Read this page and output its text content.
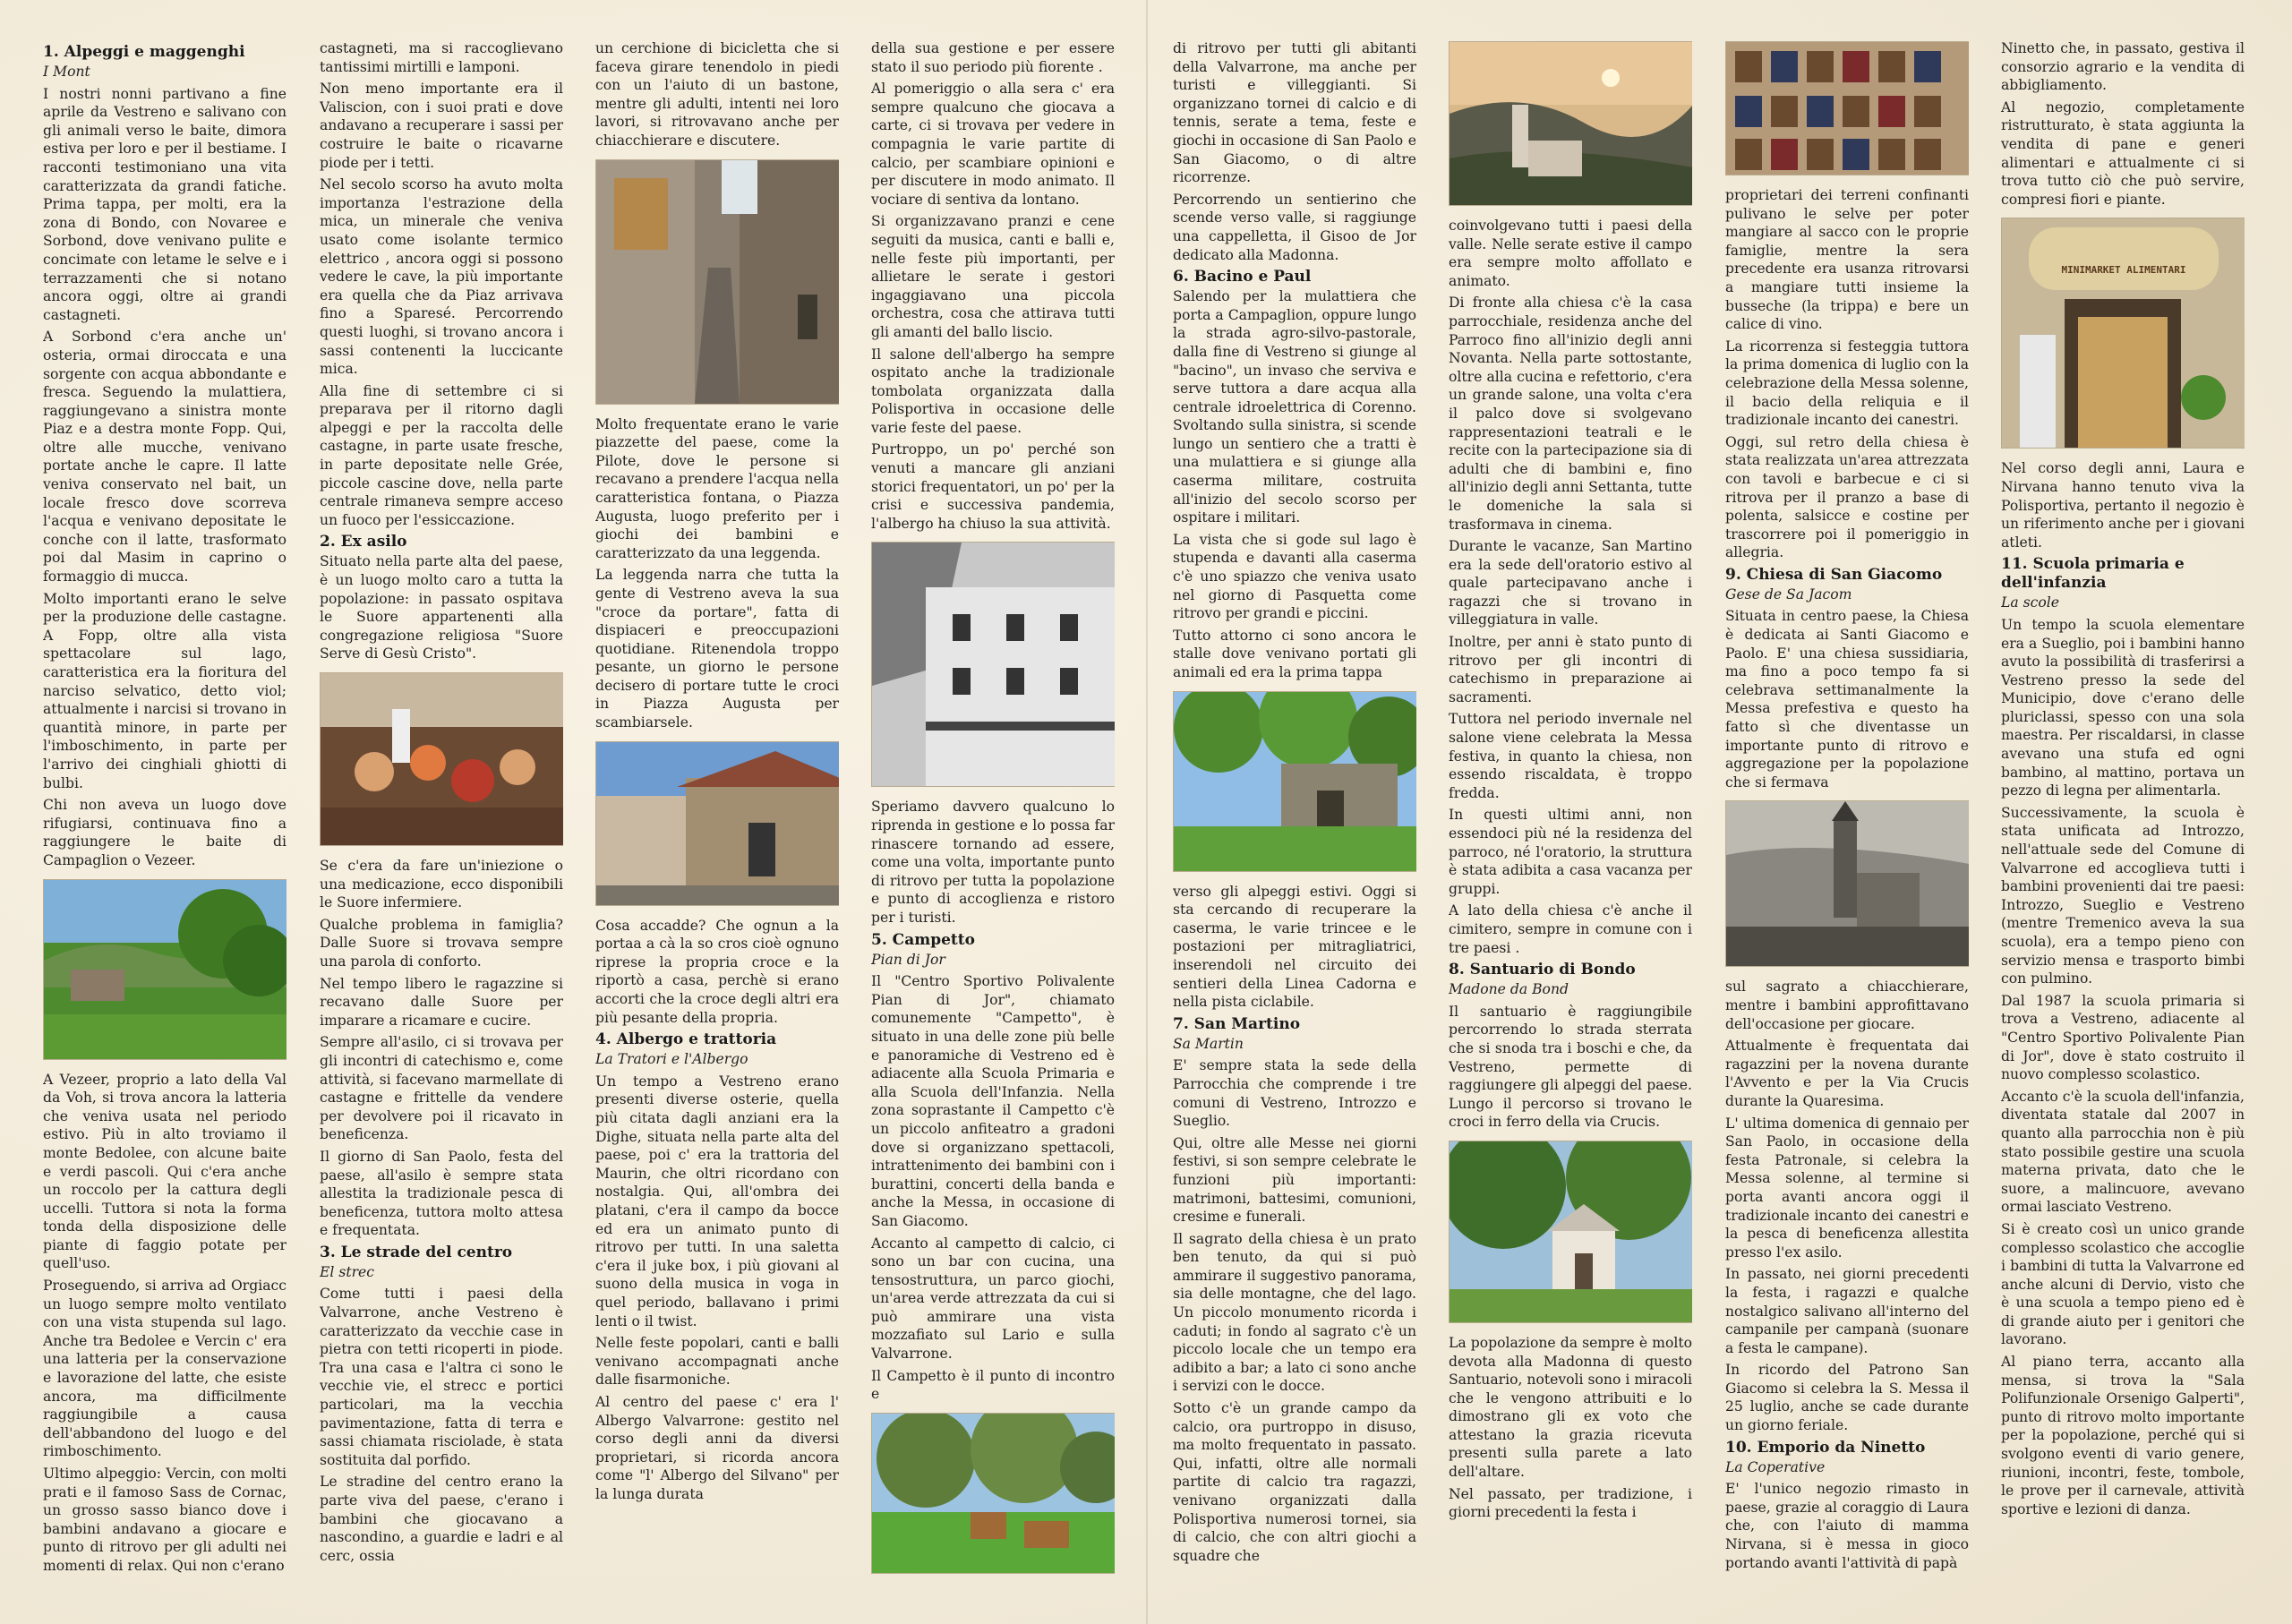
1. Alpeggi e maggenghi
I Mont

I nostri nonni partivano a fine aprile da Vestreno e salivano con gli animali verso le baite, dimora estiva per loro e per il bestiame. I racconti testimoniano una vita caratterizzata da grandi fatiche. Prima tappa, per molti, era la zona di Bondo, con Novaree e Sorbond, dove venivano pulite e concimate con letame le selve e i terrazzamenti che si notano ancora oggi, oltre ai grandi castagneti.

A Sorbond c'era anche un' osteria, ormai diroccata e una sorgente con acqua abbondante e fresca. Seguendo la mulattiera, raggiungevano a sinistra monte Piaz e a destra monte Fopp. Qui, oltre alle mucche, venivano portate anche le capre. Il latte veniva conservato nel bait, un locale fresco dove scorreva l'acqua e venivano depositate le conche con il latte, trasformato poi dal Masim in caprino o formaggio di mucca.

Molto importanti erano le selve per la produzione delle castagne. A Fopp, oltre alla vista spettacolare sul lago, caratteristica era la fioritura del narciso selvatico, detto viol; attualmente i narcisi si trovano in quantità minore, in parte per l'imboschimento, in parte per l'arrivo dei cinghiali ghiotti di bulbi.

Chi non aveva un luogo dove rifugiarsi, continuava fino a raggiungere le baite di Campaglion o Vezeer.

A Vezeer, proprio a lato della Val da Voh, si trova ancora la latteria che veniva usata nel periodo estivo. Più in alto troviamo il monte Bedolee, con alcune baite e verdi pascoli. Qui c'era anche un roccolo per la cattura degli uccelli. Tuttora si nota la forma tonda della disposizione delle piante di faggio potate per quell'uso.

Proseguendo, si arriva ad Orgiacc un luogo sempre molto ventilato con una vista stupenda sul lago. Anche tra Bedolee e Vercin c' era una latteria per la conservazione e lavorazione del latte, che esiste ancora, ma difficilmente raggiungibile a causa dell'abbandono del luogo e del rimboschimento.

Ultimo alpeggio: Vercin, con molti prati e il famoso Sass de Cornac, un grosso sasso bianco dove i bambini andavano a giocare e punto di ritrovo per gli adulti nei momenti di relax. Qui non c'erano

castagneti, ma si raccoglievano tantissimi mirtilli e lamponi.

Non meno importante era il Valiscion, con i suoi prati e dove andavano a recuperare i sassi per costruire le baite o ricavarne piode per i tetti.

Nel secolo scorso ha avuto molta importanza l'estrazione della mica, un minerale che veniva usato come isolante termico elettrico , ancora oggi si possono vedere le cave, la più importante era quella che da Piaz arrivava fino a Sparesé. Percorrendo questi luoghi, si trovano ancora i sassi contenenti la luccicante mica.

Alla fine di settembre ci si preparava per il ritorno dagli alpeggi e per la raccolta delle castagne, in parte usate fresche, in parte depositate nelle Grée, piccole cascine dove, nella parte centrale rimaneva sempre acceso un fuoco per l'essiccazione.

2. Ex asilo

Situato nella parte alta del paese, è un luogo molto caro a tutta la popolazione: in passato ospitava le Suore appartenenti alla congregazione religiosa "Suore Serve di Gesù Cristo".

Se c'era da fare un'iniezione o una medicazione, ecco disponibili le Suore infermiere.

Qualche problema in famiglia? Dalle Suore si trovava sempre una parola di conforto.

Nel tempo libero le ragazzine si recavano dalle Suore per imparare a ricamare e cucire.

Sempre all'asilo, ci si trovava per gli incontri di catechismo e, come attività, si facevano marmellate di castagne e frittelle da vendere per devolvere poi il ricavato in beneficenza.

Il giorno di San Paolo, festa del paese, all'asilo è sempre stata allestita la tradizionale pesca di beneficenza, tuttora molto attesa e frequentata.

3. Le strade del centro
El strec

Come tutti i paesi della Valvarrone, anche Vestreno è caratterizzato da vecchie case in pietra con tetti ricoperti in piode. Tra una casa e l'altra ci sono le vecchie vie, el strecc e portici particolari, ma la vecchia pavimentazione, fatta di terra e sassi chiamata risciolade, è stata sostituita dal porfido.

Le stradine del centro erano la parte viva del paese, c'erano i bambini che giocavano a nascondino, a guardie e ladri e al cerc, ossia

un cerchione di bicicletta che si faceva girare tenendolo in piedi con un l'aiuto di un bastone, mentre gli adulti, intenti nei loro lavori, si ritrovavano anche per chiacchierare e discutere.

Molto frequentate erano le varie piazzette del paese, come la Pilote, dove le persone si recavano a prendere l'acqua nella caratteristica fontana, o Piazza Augusta, luogo preferito per i giochi dei bambini e caratterizzato da una leggenda.

La leggenda narra che tutta la gente di Vestreno aveva la sua "croce da portare", fatta di dispiaceri e preoccupazioni quotidiane. Ritenendola troppo pesante, un giorno le persone decisero di portare tutte le croci in Piazza Augusta per scambiarsele.

Cosa accadde? Che ognun a la portaa a cà la so cros cioè ognuno riprese la propria croce e la riportò a casa, perchè si erano accorti che la croce degli altri era più pesante della propria.

4. Albergo e trattoria
La Tratori e l'Albergo

Un tempo a Vestreno erano presenti diverse osterie, quella più citata dagli anziani era la Dighe, situata nella parte alta del paese, poi c' era la trattoria del Maurin, che oltri ricordano con nostalgia. Qui, all'ombra dei platani, c'era il campo da bocce ed era un animato punto di ritrovo per tutti. In una saletta c'era il juke box, i più giovani al suono della musica in voga in quel periodo, ballavano i primi lenti o il twist.

Nelle feste popolari, canti e balli venivano accompagnati anche dalle fisarmoniche.

Al centro del paese c' era l' Albergo Valvarrone: gestito nel corso degli anni da diversi proprietari, si ricorda ancora come "l' Albergo del Silvano" per la lunga durata

della sua gestione e per essere stato il suo periodo più fiorente .

Al pomeriggio o alla sera c' era sempre qualcuno che giocava a carte, ci si trovava per vedere in compagnia le varie partite di calcio, per scambiare opinioni e per discutere in modo animato. Il vociare di sentiva da lontano.

Si organizzavano pranzi e cene seguiti da musica, canti e balli e, nelle feste più importanti, per allietare le serate i gestori ingaggiavano una piccola orchestra, cosa che attirava tutti gli amanti del ballo liscio.

Il salone dell'albergo ha sempre ospitato anche la tradizionale tombolata organizzata dalla Polisportiva in occasione delle varie feste del paese.

Purtroppo, un po' perché son venuti a mancare gli anziani storici frequentatori, un po' per la crisi e successiva pandemia, l'albergo ha chiuso la sua attività.

Speriamo davvero qualcuno lo riprenda in gestione e lo possa far rinascere tornando ad essere, come una volta, importante punto di ritrovo per tutta la popolazione e punto di accoglienza e ristoro per i turisti.

5. Campetto
Pian di Jor

Il "Centro Sportivo Polivalente Pian di Jor", chiamato comunemente "Campetto", è situato in una delle zone più belle e panoramiche di Vestreno ed è adiacente alla Scuola Primaria e alla Scuola dell'Infanzia. Nella zona soprastante il Campetto c'è un piccolo anfiteatro a gradoni dove si organizzano spettacoli, intrattenimento dei bambini con i burattini, concerti della banda e anche la Messa, in occasione di San Giacomo.

Accanto al campetto di calcio, ci sono un bar con cucina, una tensostruttura, un parco giochi, un'area verde attrezzata da cui si può ammirare una vista mozzafiato sul Lario e sulla Valvarrone.

Il Campetto è il punto di incontro e

di ritrovo per tutti gli abitanti della Valvarrone, ma anche per turisti e villeggianti. Si organizzano tornei di calcio e di tennis, serate a tema, feste e giochi in occasione di San Paolo e San Giacomo, o di altre ricorrenze.

Percorrendo un sentierino che scende verso valle, si raggiunge una cappelletta, il Gisoo de Jor dedicato alla Madonna.

6. Bacino e Paul

Salendo per la mulattiera che porta a Campaglion, oppure lungo la strada agro-silvo-pastorale, dalla fine di Vestreno si giunge al "bacino", un invaso che serviva e serve tuttora a dare acqua alla centrale idroelettrica di Corenno. Svoltando sulla sinistra, si scende lungo un sentiero che a tratti è una mulattiera e si giunge alla caserma militare, costruita all'inizio del secolo scorso per ospitare i militari.

La vista che si gode sul lago è stupenda e davanti alla caserma c'è uno spiazzo che veniva usato nel giorno di Pasquetta come ritrovo per grandi e piccini.

Tutto attorno ci sono ancora le stalle dove venivano portati gli animali ed era la prima tappa

verso gli alpeggi estivi. Oggi si sta cercando di recuperare la caserma, le varie trincee e le postazioni per mitragliatrici, inserendoli nel circuito dei sentieri della Linea Cadorna e nella pista ciclabile.

7. San Martino
Sa Martin

E' sempre stata la sede della Parrocchia che comprende i tre comuni di Vestreno, Introzzo e Sueglio.

Qui, oltre alle Messe nei giorni festivi, si son sempre celebrate le funzioni più importanti: matrimoni, battesimi, comunioni, cresime e funerali.

Il sagrato della chiesa è un prato ben tenuto, da qui si può ammirare il suggestivo panorama, sia delle montagne, che del lago. Un piccolo monumento ricorda i caduti; in fondo al sagrato c'è un piccolo locale che un tempo era adibito a bar; a lato ci sono anche i servizi con le docce.

Sotto c'è un grande campo da calcio, ora purtroppo in disuso, ma molto frequentato in passato. Qui, infatti, oltre alle normali partite di calcio tra ragazzi, venivano organizzati dalla Polisportiva numerosi tornei, sia di calcio, che con altri giochi a squadre che

coinvolgevano tutti i paesi della valle. Nelle serate estive il campo era sempre molto affollato e animato.

Di fronte alla chiesa c'è la casa parrocchiale, residenza anche del Parroco fino all'inizio degli anni Novanta. Nella parte sottostante, oltre alla cucina e refettorio, c'era un grande salone, una volta c'era il palco dove si svolgevano rappresentazioni teatrali e le recite con la partecipazione sia di adulti che di bambini e, fino all'inizio degli anni Settanta, tutte le domeniche la sala si trasformava in cinema.

Durante le vacanze, San Martino era la sede dell'oratorio estivo al quale partecipavano anche i ragazzi che si trovano in villeggiatura in valle.

Inoltre, per anni è stato punto di ritrovo per gli incontri di catechismo in preparazione ai sacramenti.

Tuttora nel periodo invernale nel salone viene celebrata la Messa festiva, in quanto la chiesa, non essendo riscaldata, è troppo fredda.

In questi ultimi anni, non essendoci più né la residenza del parroco, né l'oratorio, la struttura è stata adibita a casa vacanza per gruppi.

A lato della chiesa c'è anche il cimitero, sempre in comune con i tre paesi .

8. Santuario di Bondo
Madone da Bond

Il santuario è raggiungibile percorrendo lo strada sterrata che si snoda tra i boschi e che, da Vestreno, permette di raggiungere gli alpeggi del paese. Lungo il percorso si trovano le croci in ferro della via Crucis.

La popolazione da sempre è molto devota alla Madonna di questo Santuario, notevoli sono i miracoli che le vengono attribuiti e lo dimostrano gli ex voto che attestano la grazia ricevuta presenti sulla parete a lato dell'altare.

Nel passato, per tradizione, i giorni precedenti la festa i

proprietari dei terreni confinanti pulivano le selve per poter mangiare al sacco con le proprie famiglie, mentre la sera precedente era usanza ritrovarsi a mangiare tutti insieme la busseche (la trippa) e bere un calice di vino.

La ricorrenza si festeggia tuttora la prima domenica di luglio con la celebrazione della Messa solenne, il bacio della reliquia e il tradizionale incanto dei canestri.

Oggi, sul retro della chiesa è stata realizzata un'area attrezzata con tavoli e barbecue e ci si ritrova per il pranzo a base di polenta, salsicce e costine per trascorrere poi il pomeriggio in allegria.

9. Chiesa di San Giacomo
Gese de Sa Jacom

Situata in centro paese, la Chiesa è dedicata ai Santi Giacomo e Paolo. E' una chiesa sussidiaria, ma fino a poco tempo fa si celebrava settimanalmente la Messa prefestiva e questo ha fatto sì che diventasse un importante punto di ritrovo e aggregazione per la popolazione che si fermava

sul sagrato a chiacchierare, mentre i bambini approfittavano dell'occasione per giocare.

Attualmente è frequentata dai ragazzini per la novena durante l'Avvento e per la Via Crucis durante la Quaresima.

L' ultima domenica di gennaio per San Paolo, in occasione della festa Patronale, si celebra la Messa solenne, al termine si porta avanti ancora oggi il tradizionale incanto dei canestri e la pesca di beneficenza allestita presso l'ex asilo.

In passato, nei giorni precedenti la festa, i ragazzi e qualche nostalgico salivano all'interno del campanile per campanà (suonare a festa le campane).

In ricordo del Patrono San Giacomo si celebra la S. Messa il 25 luglio, anche se cade durante un giorno feriale.

10. Emporio da Ninetto
La Coperative

E' l'unico negozio rimasto in paese, grazie al coraggio di Laura che, con l'aiuto di mamma Nirvana, si è messa in gioco portando avanti l'attività di papà

Ninetto che, in passato, gestiva il consorzio agrario e la vendita di abbigliamento.

Al negozio, completamente ristrutturato, è stata aggiunta la vendita di pane e generi alimentari e attualmente ci si trova tutto ciò che può servire, compresi fiori e piante.

MINIMARKET ALIMENTARI

Nel corso degli anni, Laura e Nirvana hanno tenuto viva la Polisportiva, pertanto il negozio è un riferimento anche per i giovani atleti.

11. Scuola primaria e dell'infanzia
La scole

Un tempo la scuola elementare era a Sueglio, poi i bambini hanno avuto la possibilità di trasferirsi a Vestreno presso la sede del Municipio, dove c'erano delle pluriclassi, spesso con una sola maestra. Per riscaldarsi, in classe avevano una stufa ed ogni bambino, al mattino, portava un pezzo di legna per alimentarla.

Successivamente, la scuola è stata unificata ad Introzzo, nell'attuale sede del Comune di Valvarrone ed accoglieva tutti i bambini provenienti dai tre paesi: Introzzo, Sueglio e Vestreno (mentre Tremenico aveva la sua scuola), era a tempo pieno con servizio mensa e trasporto bimbi con pulmino.

Dal 1987 la scuola primaria si trova a Vestreno, adiacente al "Centro Sportivo Polivalente Pian di Jor", dove è stato costruito il nuovo complesso scolastico.

Accanto c'è la scuola dell'infanzia, diventata statale dal 2007 in quanto alla parrocchia non è più stato possibile gestire una scuola materna privata, dato che le suore, a malincuore, avevano ormai lasciato Vestreno.

Si è creato così un unico grande complesso scolastico che accoglie i bambini di tutta la Valvarrone ed anche alcuni di Dervio, visto che è una scuola a tempo pieno ed è di grande aiuto per i genitori che lavorano.

Al piano terra, accanto alla mensa, si trova la "Sala Polifunzionale Orsenigo Galperti", punto di ritrovo molto importante per la popolazione, perché qui si svolgono eventi di vario genere, riunioni, incontri, feste, tombole, le prove per il carnevale, attività sportive e lezioni di danza.
